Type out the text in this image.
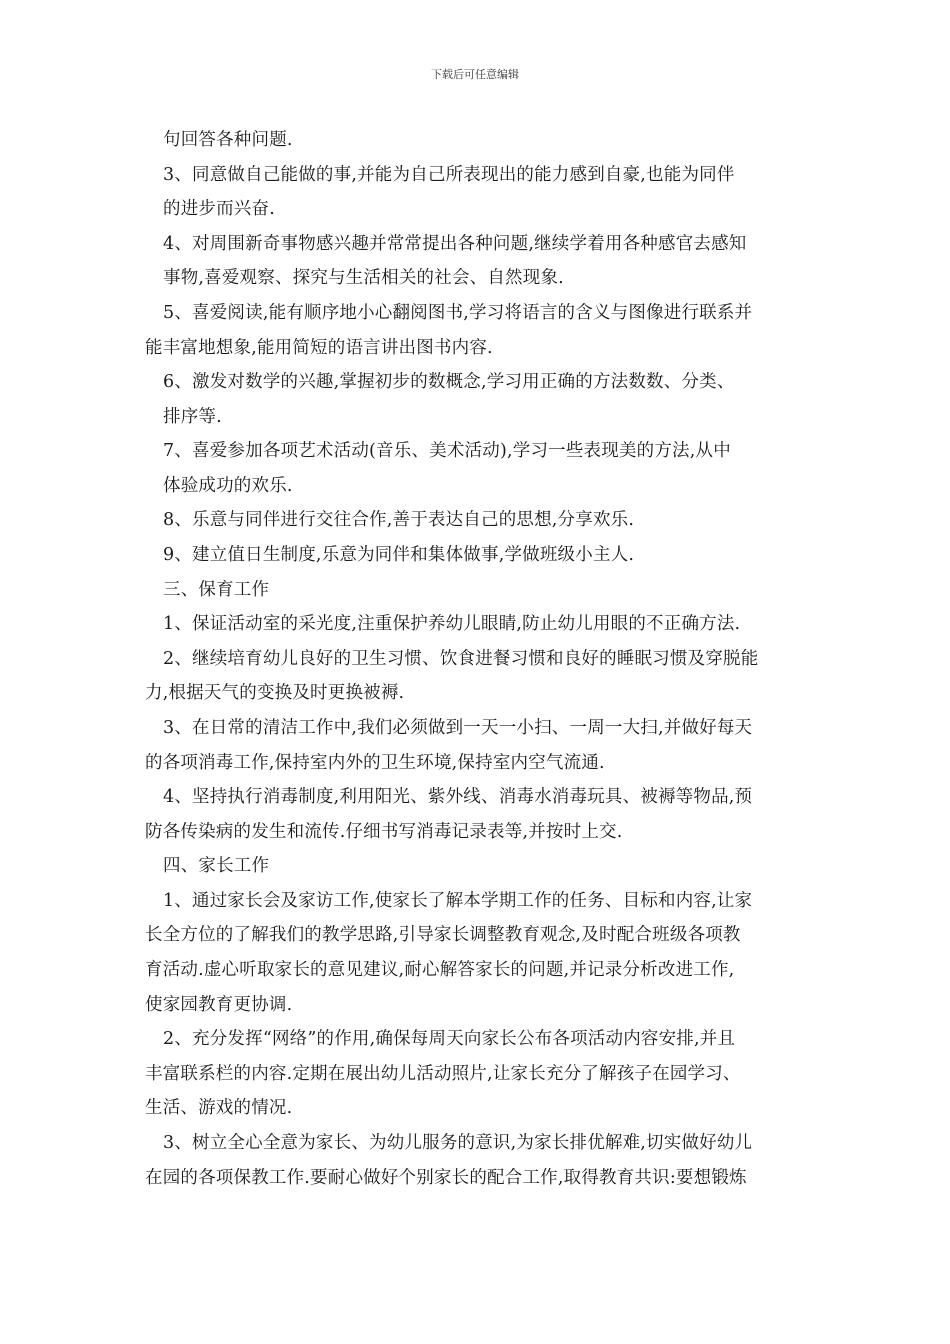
下载后可任意编辑
句回答各种问题.
3、同意做自己能做的事,并能为自己所表现出的能力感到自豪,也能为同伴
的进步而兴奋.
4、对周围新奇事物感兴趣并常常提出各种问题,继续学着用各种感官去感知
事物,喜爱观察、探究与生活相关的社会、自然现象.
5、喜爱阅读,能有顺序地小心翻阅图书,学习将语言的含义与图像进行联系并
能丰富地想象,能用简短的语言讲出图书内容.
6、激发对数学的兴趣,掌握初步的数概念,学习用正确的方法数数、分类、
排序等.
7、喜爱参加各项艺术活动(音乐、美术活动),学习一些表现美的方法,从中
体验成功的欢乐.
8、乐意与同伴进行交往合作,善于表达自己的思想,分享欢乐.
9、建立值日生制度,乐意为同伴和集体做事,学做班级小主人.
三、保育工作
1、保证活动室的采光度,注重保护养幼儿眼睛,防止幼儿用眼的不正确方法.
2、继续培育幼儿良好的卫生习惯、饮食进餐习惯和良好的睡眠习惯及穿脱能
力,根据天气的变换及时更换被褥.
3、在日常的清洁工作中,我们必须做到一天一小扫、一周一大扫,并做好每天
的各项消毒工作,保持室内外的卫生环境,保持室内空气流通.
4、坚持执行消毒制度,利用阳光、紫外线、消毒水消毒玩具、被褥等物品,预
防各传染病的发生和流传.仔细书写消毒记录表等,并按时上交.
四、家长工作
1、通过家长会及家访工作,使家长了解本学期工作的任务、目标和内容,让家
长全方位的了解我们的教学思路,引导家长调整教育观念,及时配合班级各项教
育活动.虚心听取家长的意见建议,耐心解答家长的问题,并记录分析改进工作,
使家园教育更协调.
2、充分发挥“网络”的作用,确保每周天向家长公布各项活动内容安排,并且
丰富联系栏的内容.定期在展出幼儿活动照片,让家长充分了解孩子在园学习、
生活、游戏的情况.
3、树立全心全意为家长、为幼儿服务的意识,为家长排优解难,切实做好幼儿
在园的各项保教工作.要耐心做好个别家长的配合工作,取得教育共识:要想锻炼
